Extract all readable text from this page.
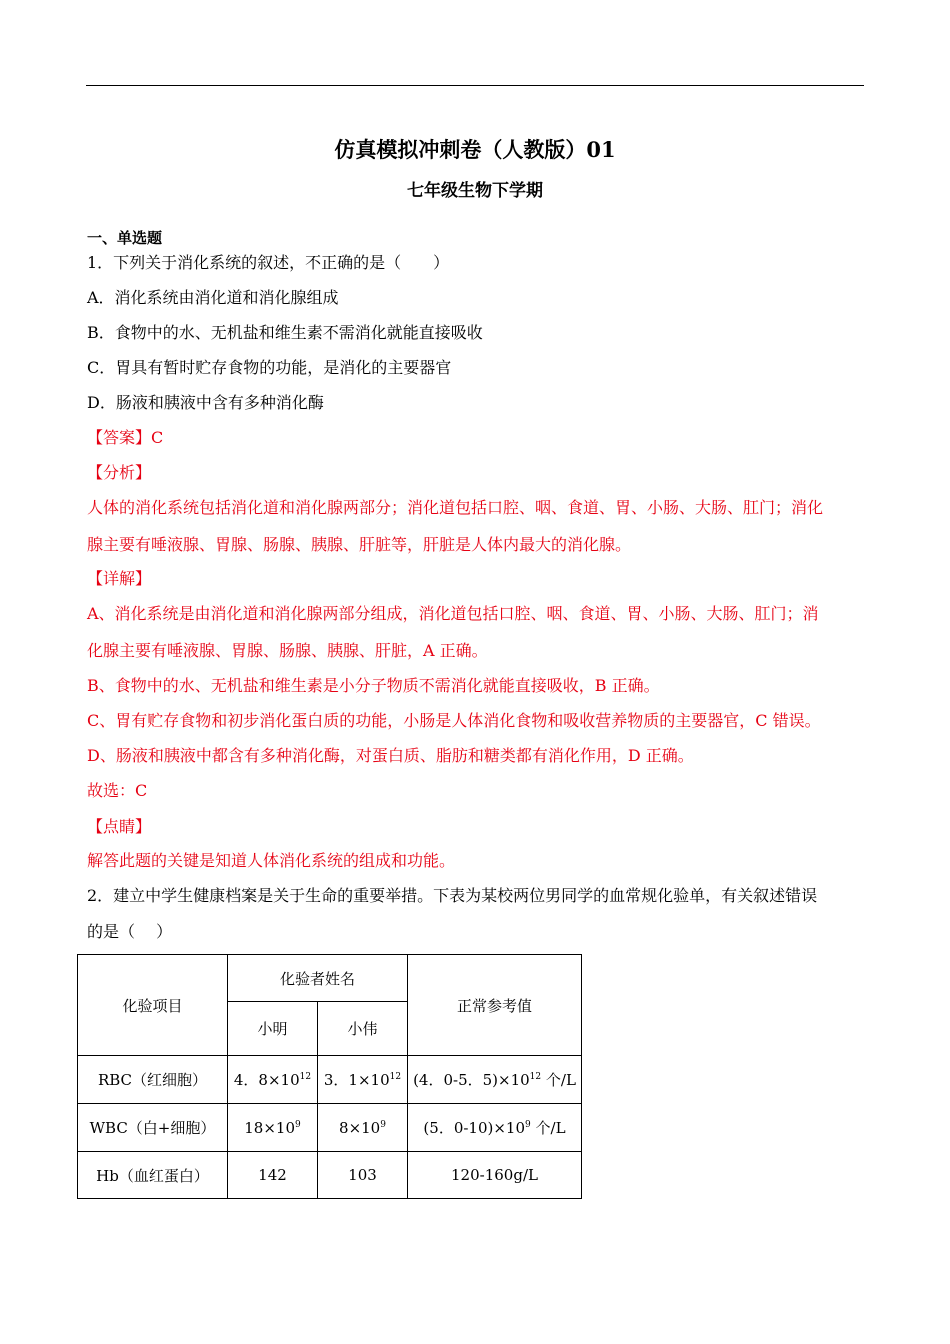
仿真模拟冲刺卷（人教版）01
七年级生物下学期
一、单选题
1．下列关于消化系统的叙述，不正确的是（　　）
A．消化系统由消化道和消化腺组成
B．食物中的水、无机盐和维生素不需消化就能直接吸收
C．胃具有暂时贮存食物的功能，是消化的主要器官
D．肠液和胰液中含有多种消化酶
【答案】C
【分析】
人体的消化系统包括消化道和消化腺两部分；消化道包括口腔、咽、食道、胃、小肠、大肠、肛门；消化
腺主要有唾液腺、胃腺、肠腺、胰腺、肝脏等，肝脏是人体内最大的消化腺。
【详解】
A、消化系统是由消化道和消化腺两部分组成，消化道包括口腔、咽、食道、胃、小肠、大肠、肛门；消
化腺主要有唾液腺、胃腺、肠腺、胰腺、肝脏，A 正确。
B、食物中的水、无机盐和维生素是小分子物质不需消化就能直接吸收，B 正确。
C、胃有贮存食物和初步消化蛋白质的功能，小肠是人体消化食物和吸收营养物质的主要器官，C 错误。
D、肠液和胰液中都含有多种消化酶，对蛋白质、脂肪和糖类都有消化作用，D 正确。
故选：C
【点睛】
解答此题的关键是知道人体消化系统的组成和功能。
2．建立中学生健康档案是关于生命的重要举措。下表为某校两位男同学的血常规化验单，有关叙述错误
的是（　 ）
化验项目	化验者姓名		正常参考值
	小明	小伟	
RBC（红细胞）	4．$8\times 10^{12}$	3．$1\times 10^{12}$	(4．0-5．$5)\times 10^{12}$ 个/L
WBC（白+细胞）	$18\times 10^9$	$8\times 10^9$	(5．$0-10)\times 10^9$ 个/L
Hb（血红蛋白）	142	103	120-160g/L
